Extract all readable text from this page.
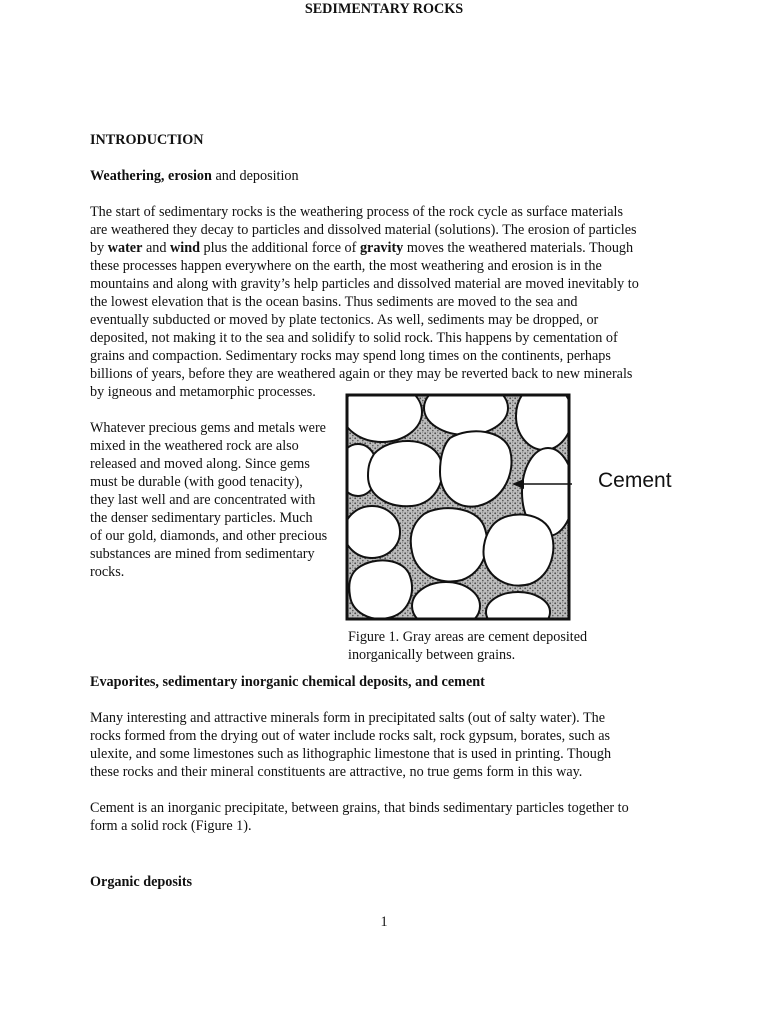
SEDIMENTARY ROCKS
INTRODUCTION
Weathering, erosion and deposition
The start of sedimentary rocks is the weathering process of the rock cycle as surface materials
are weathered they decay to particles and dissolved material (solutions). The erosion of particles
by water and wind plus the additional force of gravity moves the weathered materials. Though
these processes happen everywhere on the earth, the most weathering and erosion is in the
mountains and along with gravity’s help particles and dissolved material are moved inevitably to
the lowest elevation that is the ocean basins. Thus sediments are moved to the sea and
eventually subducted or moved by plate tectonics. As well, sediments may be dropped, or
deposited, not making it to the sea and solidify to solid rock. This happens by cementation of
grains and compaction. Sedimentary rocks may spend long times on the continents, perhaps
billions of years, before they are weathered again or they may be reverted back to new minerals
by igneous and metamorphic processes.
Whatever precious gems and metals were
mixed in the weathered rock are also
released and moved along. Since gems
must be durable (with good tenacity),
they last well and are concentrated with
the denser sedimentary particles. Much
of our gold, diamonds, and other precious
substances are mined from sedimentary
rocks.
Cement
Figure 1. Gray areas are cement deposited
inorganically between grains.
Evaporites, sedimentary inorganic chemical deposits, and cement
Many interesting and attractive minerals form in precipitated salts (out of salty water). The
rocks formed from the drying out of water include rocks salt, rock gypsum, borates, such as
ulexite, and some limestones such as lithographic limestone that is used in printing. Though
these rocks and their mineral constituents are attractive, no true gems form in this way.
Cement is an inorganic precipitate, between grains, that binds sedimentary particles together to
form a solid rock (Figure 1).
Organic deposits
1
